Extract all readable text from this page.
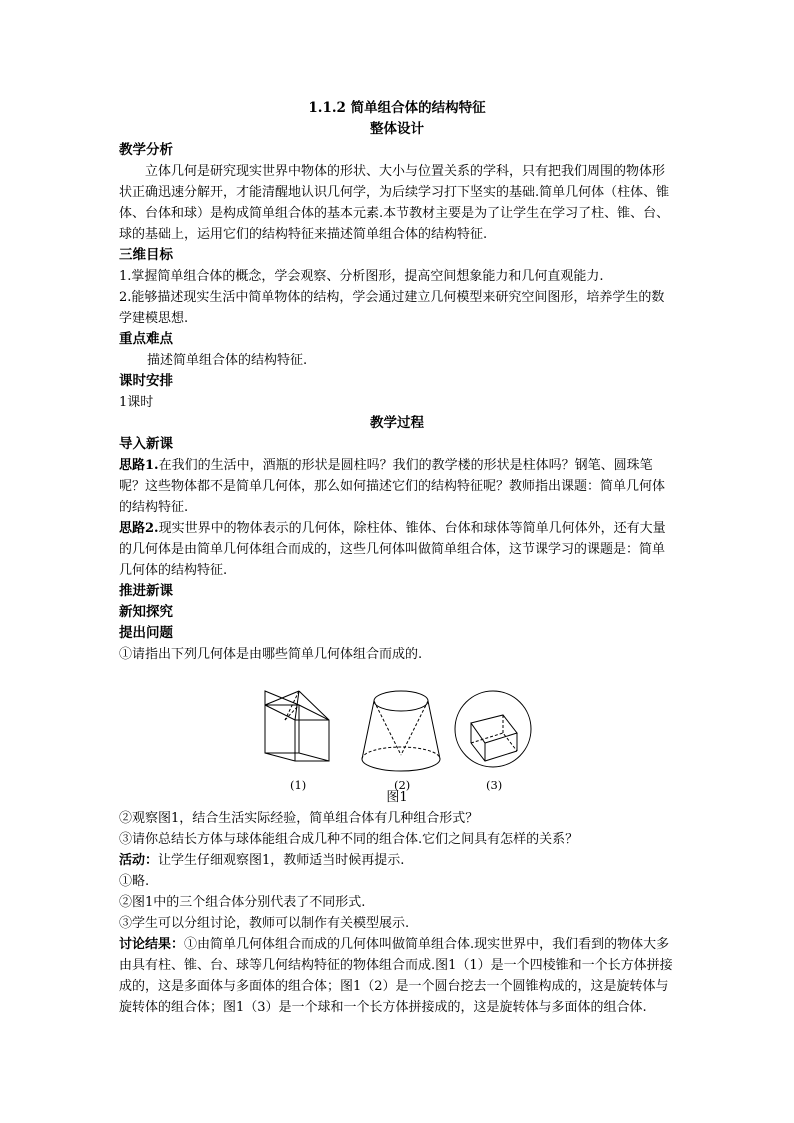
1.1.2 简单组合体的结构特征
整体设计
教学分析

立体几何是研究现实世界中物体的形状、大小与位置关系的学科，只有把我们周围的物体形状正确迅速分解开，才能清醒地认识几何学，为后续学习打下坚实的基础.简单几何体（柱体、锥体、台体和球）是构成简单组合体的基本元素.本节教材主要是为了让学生在学习了柱、锥、台、球的基础上，运用它们的结构特征来描述简单组合体的结构特征.

三维目标

1.掌握简单组合体的概念，学会观察、分析图形，提高空间想象能力和几何直观能力.

2.能够描述现实生活中简单物体的结构，学会通过建立几何模型来研究空间图形，培养学生的数学建模思想.

重点难点

描述简单组合体的结构特征.

课时安排

1课时

教学过程
导入新课

思路1.在我们的生活中，酒瓶的形状是圆柱吗？我们的教学楼的形状是柱体吗？钢笔、圆珠笔呢？这些物体都不是简单几何体，那么如何描述它们的结构特征呢？教师指出课题：简单几何体的结构特征.

思路2.现实世界中的物体表示的几何体，除柱体、锥体、台体和球体等简单几何体外，还有大量的几何体是由简单几何体组合而成的，这些几何体叫做简单组合体，这节课学习的课题是：简单几何体的结构特征.

推进新课
新知探究
提出问题

①请指出下列几何体是由哪些简单几何体组合而成的.

(1)	(2)	(3)

图1

②观察图1，结合生活实际经验，简单组合体有几种组合形式？

③请你总结长方体与球体能组合成几种不同的组合体.它们之间具有怎样的关系？

活动：让学生仔细观察图1，教师适当时候再提示.

①略.

②图1中的三个组合体分别代表了不同形式.

③学生可以分组讨论，教师可以制作有关模型展示.

讨论结果：①由简单几何体组合而成的几何体叫做简单组合体.现实世界中，我们看到的物体大多由具有柱、锥、台、球等几何结构特征的物体组合而成.图1（1）是一个四棱锥和一个长方体拼接成的，这是多面体与多面体的组合体；图1（2）是一个圆台挖去一个圆锥构成的，这是旋转体与旋转体的组合体；图1（3）是一个球和一个长方体拼接成的，这是旋转体与多面体的组合体.
